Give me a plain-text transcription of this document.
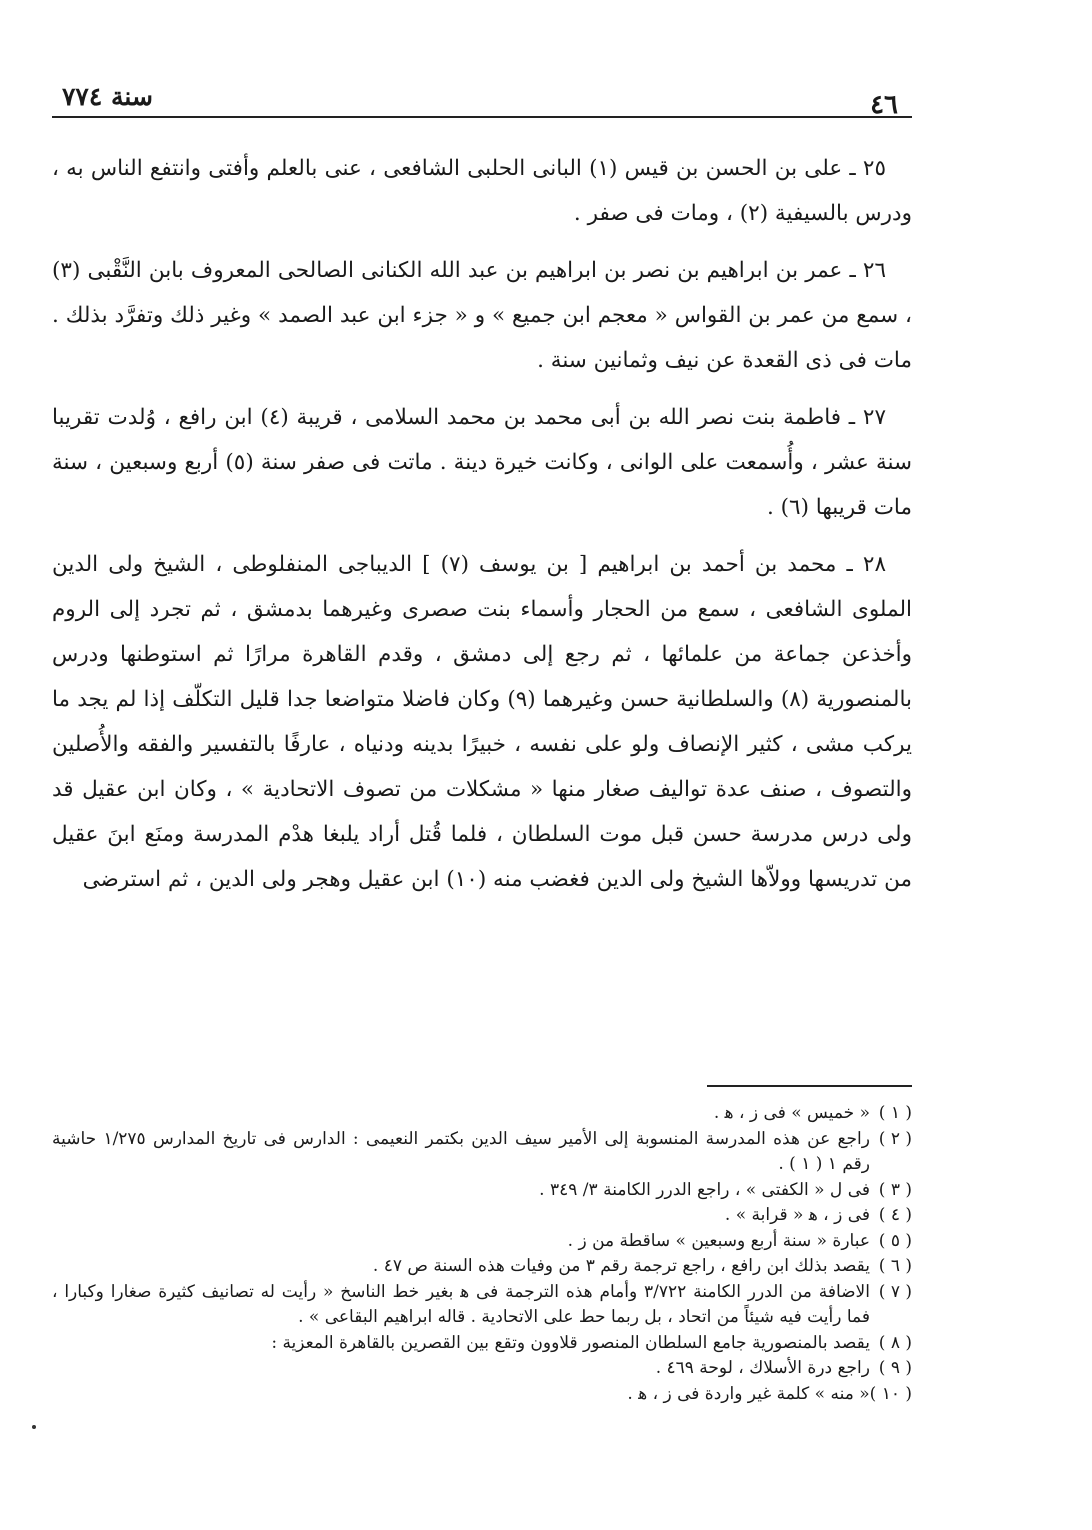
٤٦
سنة ٧٧٤

٢٥ ـ على بن الحسن بن قيس (١) البانى الحلبى الشافعى ، عنى بالعلم وأفتى وانتفع الناس به ، ودرس بالسيفية (٢) ، ومات فى صفر .

٢٦ ـ عمر بن ابراهيم بن نصر بن ابراهيم بن عبد الله الكنانى الصالحى المعروف بابن النَّقْبى (٣) ، سمع من عمر بن القواس « معجم ابن جميع » و « جزء ابن عبد الصمد » وغير ذلك وتفرَّد بذلك . مات فى ذى القعدة عن نيف وثمانين سنة .

٢٧ ـ فاطمة بنت نصر الله بن أبى محمد بن محمد السلامى ، قريبة (٤) ابن رافع ، وُلدت تقريبا سنة عشر ، وأُسمعت على الوانى ، وكانت خيرة دينة . ماتت فى صفر سنة (٥) أربع وسبعين ، سنة مات قريبها (٦) .

٢٨ ـ محمد بن أحمد بن ابراهيم [ بن يوسف (٧) ] الديباجى المنفلوطى ، الشيخ ولى الدين الملوى الشافعى ، سمع من الحجار وأسماء بنت صصرى وغيرهما بدمشق ، ثم تجرد إلى الروم وأخذعن جماعة من علمائها ، ثم رجع إلى دمشق ، وقدم القاهرة مرارًا ثم استوطنها ودرس بالمنصورية (٨) والسلطانية حسن وغيرهما (٩) وكان فاضلا متواضعا جدا قليل التكلّف إذا لم يجد ما يركب مشى ، كثير الإنصاف ولو على نفسه ، خبيرًا بدينه ودنياه ، عارفًا بالتفسير والفقه والأُصلين والتصوف ، صنف عدة تواليف صغار منها « مشكلات من تصوف الاتحادية » ، وكان ابن عقيل قد ولى درس مدرسة حسن قبل موت السلطان ، فلما قُتل أراد يلبغا هدْم المدرسة ومنَع ابنَ عقيل من تدريسها وولاّها الشيخ ولى الدين فغضب منه (١٠) ابن عقيل وهجر ولى الدين ، ثم استرضى

( ١ )
« خميس » فى ز ، ﻫ .
( ٢ )
راجع عن هذه المدرسة المنسوبة إلى الأمير سيف الدين بكتمر النعيمى : الدارس فى تاريخ المدارس ١/٢٧٥ حاشية رقم ١ ( ١ ) .
( ٣ )
فى ل « الكفتى » ، راجع الدرر الكامنة ٣/ ٣٤٩ .
( ٤ )
فى ز ، ﻫ « قرابة » .
( ٥ )
عبارة « سنة أربع وسبعين » ساقطة من ز .
( ٦ )
يقصد بذلك ابن رافع ، راجع ترجمة رقم ٣ من وفيات هذه السنة ص ٤٧ .
( ٧ )
الاضافة من الدرر الكامنة ٣/٧٢٢ وأمام هذه الترجمة فى ﻫ بغير خط الناسخ « رأيت له تصانيف كثيرة صغارا وكبارا ، فما رأيت فيه شيئاً من اتحاد ، بل ربما حط على الاتحادية . قاله ابراهيم البقاعى » .
( ٨ )
يقصد بالمنصورية جامع السلطان المنصور قلاوون وتقع بين القصرين بالقاهرة المعزية :
( ٩ )
راجع درة الأسلاك ، لوحة ٤٦٩ .
( ١٠ )
« منه » كلمة غير واردة فى ز ، ﻫ .
